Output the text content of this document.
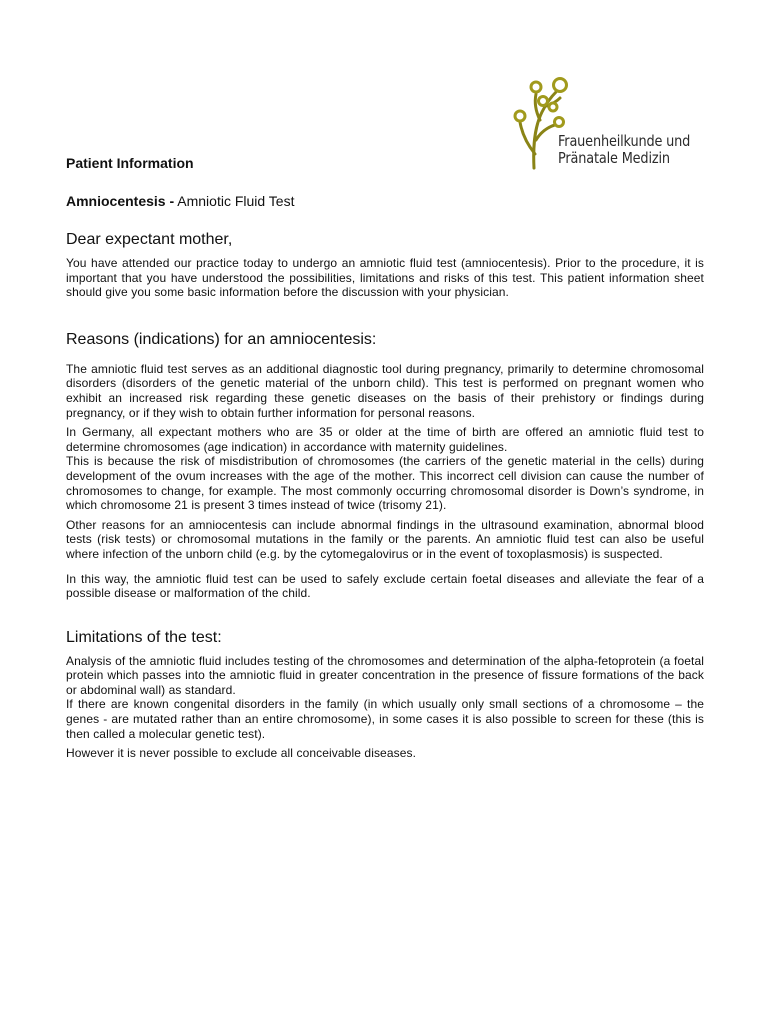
Frauenheilkunde und
Pränatale Medizin
Patient Information
Amniocentesis - Amniotic Fluid Test
Dear expectant mother,

You have attended our practice today to undergo an amniotic fluid test (amniocentesis). Prior to the procedure, it is important that you have understood the possibilities, limitations and risks of this test. This patient information sheet should give you some basic information before the discussion with your physician.

Reasons (indications) for an amniocentesis:

The amniotic fluid test serves as an additional diagnostic tool during pregnancy, primarily to determine chromosomal disorders (disorders of the genetic material of the unborn child). This test is performed on pregnant women who exhibit an increased risk regarding these genetic diseases on the basis of their prehistory or findings during pregnancy, or if they wish to obtain further information for personal reasons.

In Germany, all expectant mothers who are 35 or older at the time of birth are offered an amniotic fluid test to determine chromosomes (age indication) in accordance with maternity guidelines.

This is because the risk of misdistribution of chromosomes (the carriers of the genetic material in the cells) during development of the ovum increases with the age of the mother. This incorrect cell division can cause the number of chromosomes to change, for example. The most commonly occurring chromosomal disorder is Down’s syndrome, in which chromosome 21 is present 3 times instead of twice (trisomy 21).

Other reasons for an amniocentesis can include abnormal findings in the ultrasound examination, abnormal blood tests (risk tests) or chromosomal mutations in the family or the parents. An amniotic fluid test can also be useful where infection of the unborn child (e.g. by the cytomegalovirus or in the event of toxoplasmosis) is suspected.

In this way, the amniotic fluid test can be used to safely exclude certain foetal diseases and alleviate the fear of a possible disease or malformation of the child.

Limitations of the test:

Analysis of the amniotic fluid includes testing of the chromosomes and determination of the alpha-fetoprotein (a foetal protein which passes into the amniotic fluid in greater concentration in the presence of fissure formations of the back or abdominal wall) as standard.

If there are known congenital disorders in the family (in which usually only small sections of a chromosome – the genes - are mutated rather than an entire chromosome), in some cases it is also possible to screen for these (this is then called a molecular genetic test).

However it is never possible to exclude all conceivable diseases.
